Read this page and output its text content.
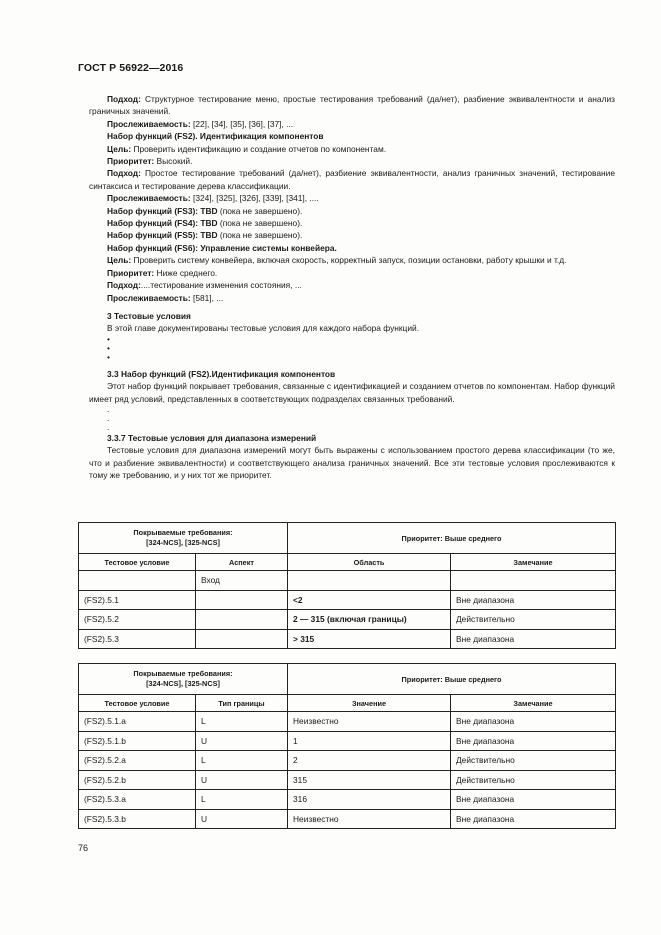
ГОСТ Р 56922—2016

Подход: Структурное тестирование меню, простые тестирования требований (да/нет), разбиение эквивалентности и анализ граничных значений.

Прослеживаемость: [22], [34], [35], [36], [37], ...

Набор функций (FS2). Идентификация компонентов

Цель: Проверить идентификацию и создание отчетов по компонентам.

Приоритет: Высокий.

Подход: Простое тестирование требований (да/нет), разбиение эквивалентности, анализ граничных значений, тестирование синтаксиса и тестирование дерева классификации.

Прослеживаемость: [324], [325], [326], [339], [341], ....

Набор функций (FS3): TBD (пока не завершено).

Набор функций (FS4): TBD (пока не завершено).

Набор функций (FS5): TBD (пока не завершено).

Набор функций (FS6): Управление системы конвейера.

Цель: Проверить систему конвейера, включая скорость, корректный запуск, позиции остановки, работу крышки и т.д.

Приоритет: Ниже среднего.

Подход:....тестирование изменения состояния, ...

Прослеживаемость: [581], ...

3 Тестовые условия

В этой главе документированы тестовые условия для каждого набора функций.

•

•

•

3.3 Набор функций (FS2).Идентификация компонентов

Этот набор функций покрывает требования, связанные с идентификацией и созданием отчетов по компонентам. Набор функций имеет ряд условий, представленных в соответствующих подразделах связанных требований.

.

.

.

3.3.7 Тестовые условия для диапазона измерений

Тестовые условия для диапазона измерений могут быть выражены с использованием простого дерева классификации (то же, что и разбиение эквивалентности) и соответствующего анализа граничных значений. Все эти тестовые условия прослеживаются к тому же требованию, и у них тот же приоритет.

Покрываемые требования:
[324-NCS], [325-NCS]		Приоритет: Выше среднего	
Тестовое условие	Аспект	Область	Замечание
	Вход		
(FS2).5.1		<2	Вне диапазона
(FS2).5.2		2 — 315 (включая границы)	Действительно
(FS2).5.3		> 315	Вне диапазона
Покрываемые требования:
[324-NCS], [325-NCS]		Приоритет: Выше среднего	
Тестовое условие	Тип границы	Значение	Замечание
(FS2).5.1.a	L	Неизвестно	Вне диапазона
(FS2).5.1.b	U	1	Вне диапазона
(FS2).5.2.a	L	2	Действительно
(FS2).5.2.b	U	315	Действительно
(FS2).5.3.a	L	316	Вне диапазона
(FS2).5.3.b	U	Неизвестно	Вне диапазона
76
